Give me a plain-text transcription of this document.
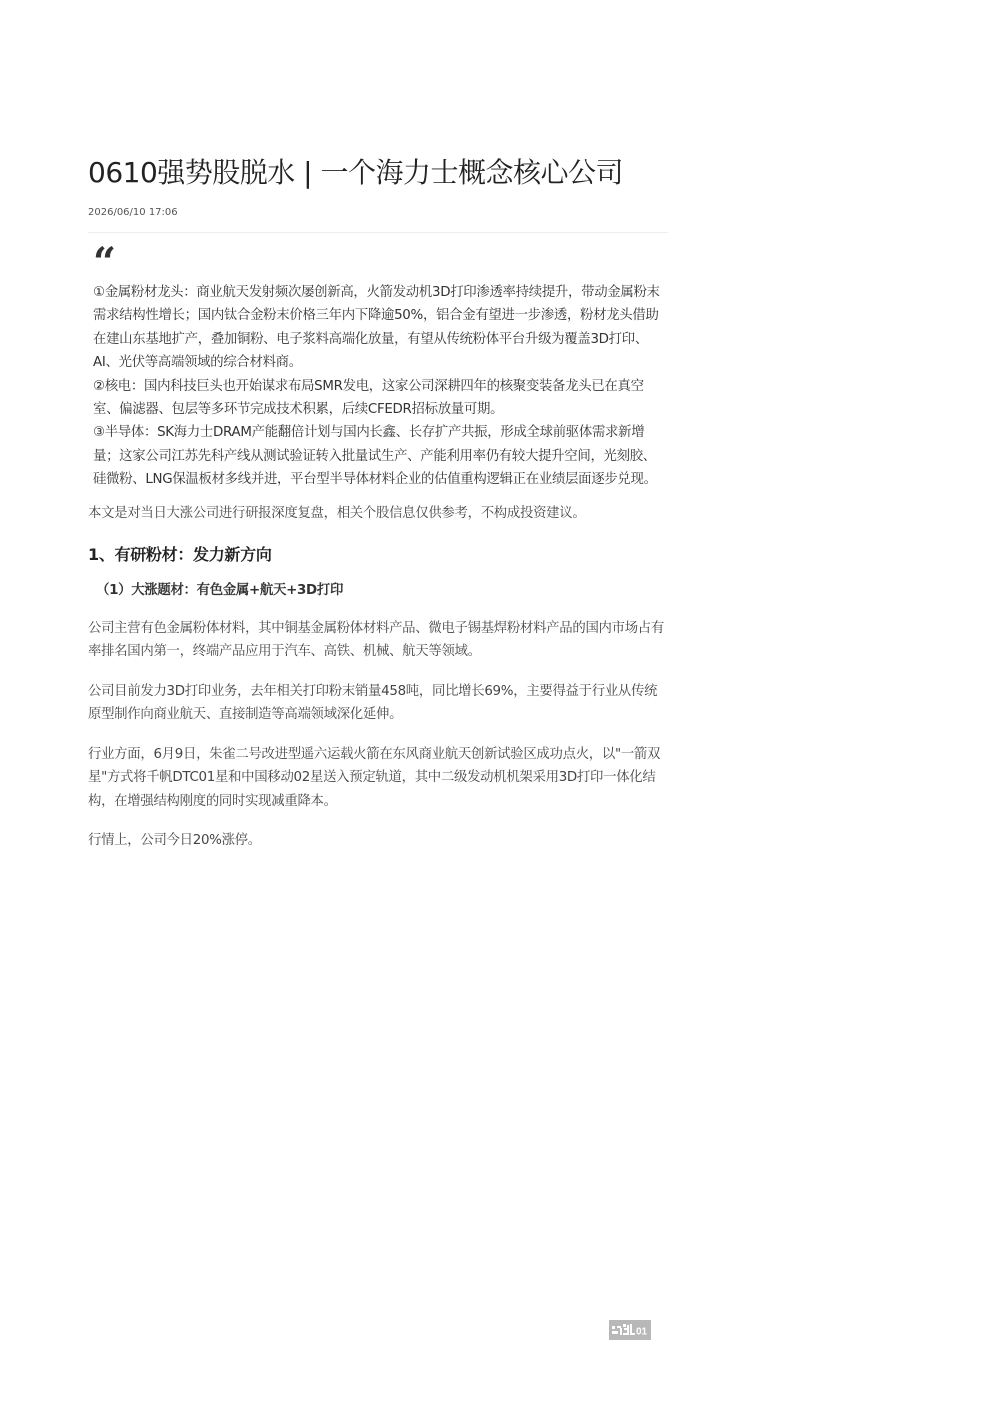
0610强势股脱水 | 一个海力士概念核心公司
2026/06/10 17:06
“

①金属粉材龙头：商业航天发射频次屡创新高，火箭发动机3D打印渗透率持续提升，带动金属粉末需求结构性增长；国内钛合金粉末价格三年内下降逾50%，铝合金有望进一步渗透，粉材龙头借助在建山东基地扩产，叠加铜粉、电子浆料高端化放量，有望从传统粉体平台升级为覆盖3D打印、AI、光伏等高端领域的综合材料商。

②核电：国内科技巨头也开始谋求布局SMR发电，这家公司深耕四年的核聚变装备龙头已在真空室、偏滤器、包层等多环节完成技术积累，后续CFEDR招标放量可期。

③半导体：SK海力士DRAM产能翻倍计划与国内长鑫、长存扩产共振，形成全球前驱体需求新增量；这家公司江苏先科产线从测试验证转入批量试生产、产能利用率仍有较大提升空间，光刻胶、硅微粉、LNG保温板材多线并进，平台型半导体材料企业的估值重构逻辑正在业绩层面逐步兑现。

本文是对当日大涨公司进行研报深度复盘，相关个股信息仅供参考，不构成投资建议。

1、有研粉材：发力新方向
（1）大涨题材：有色金属+航天+3D打印

公司主营有色金属粉体材料，其中铜基金属粉体材料产品、微电子锡基焊粉材料产品的国内市场占有率排名国内第一，终端产品应用于汽车、高铁、机械、航天等领域。

公司目前发力3D打印业务，去年相关打印粉末销量458吨，同比增长69%，主要得益于行业从传统原型制作向商业航天、直接制造等高端领域深化延伸。

行业方面，6月9日，朱雀二号改进型遥六运载火箭在东风商业航天创新试验区成功点火，以"一箭双星"方式将千帆DTC01星和中国移动02星送入预定轨道，其中二级发动机机架采用3D打印一体化结构，在增强结构刚度的同时实现减重降本。

行情上，公司今日20%涨停。

01
